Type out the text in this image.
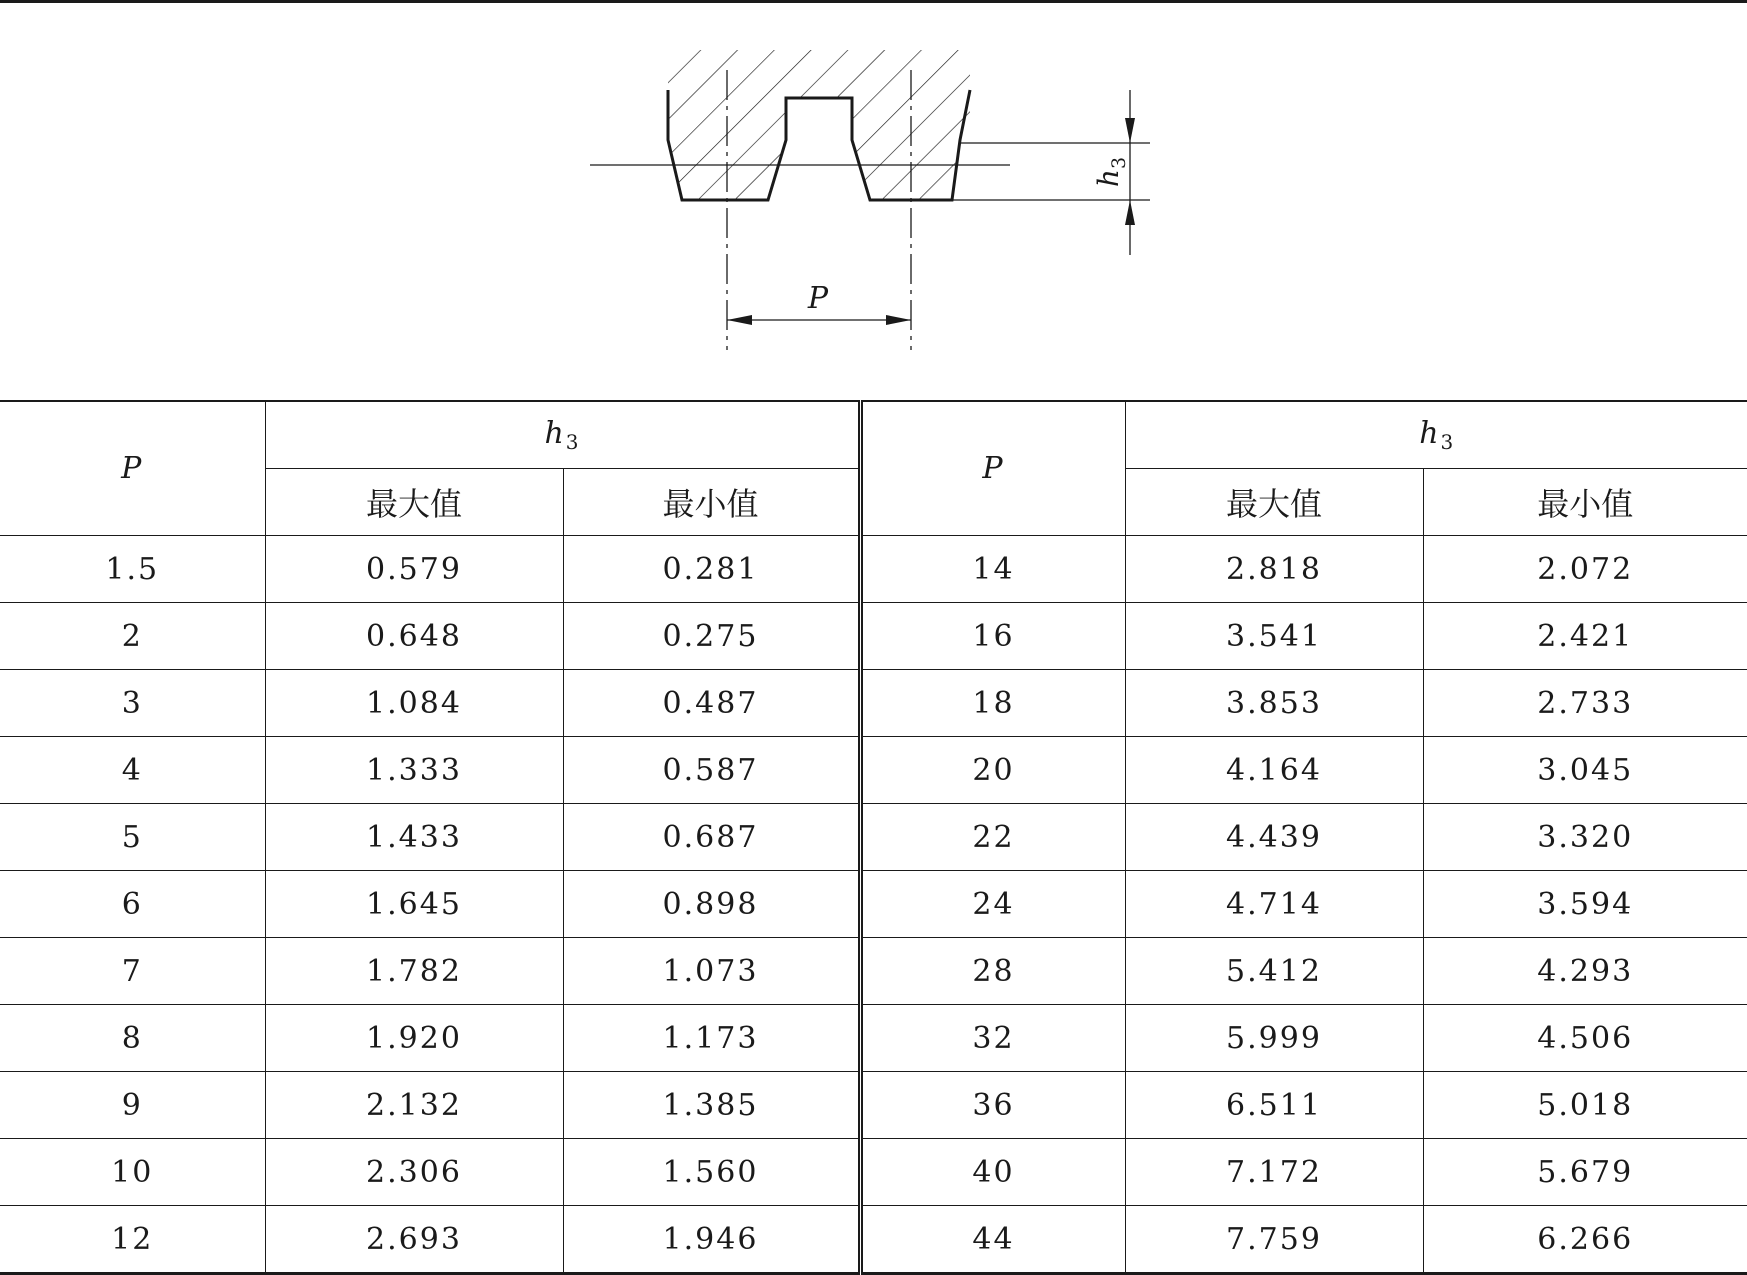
P
$h_3$
P	$h_3$		P	$h_3$
	最大值	最小值		最大值	最小值
1.5	0.579	0.281	14	2.818	2.072
2	0.648	0.275	16	3.541	2.421
3	1.084	0.487	18	3.853	2.733
4	1.333	0.587	20	4.164	3.045
5	1.433	0.687	22	4.439	3.320
6	1.645	0.898	24	4.714	3.594
7	1.782	1.073	28	5.412	4.293
8	1.920	1.173	32	5.999	4.506
9	2.132	1.385	36	6.511	5.018
10	2.306	1.560	40	7.172	5.679
12	2.693	1.946	44	7.759	6.266
